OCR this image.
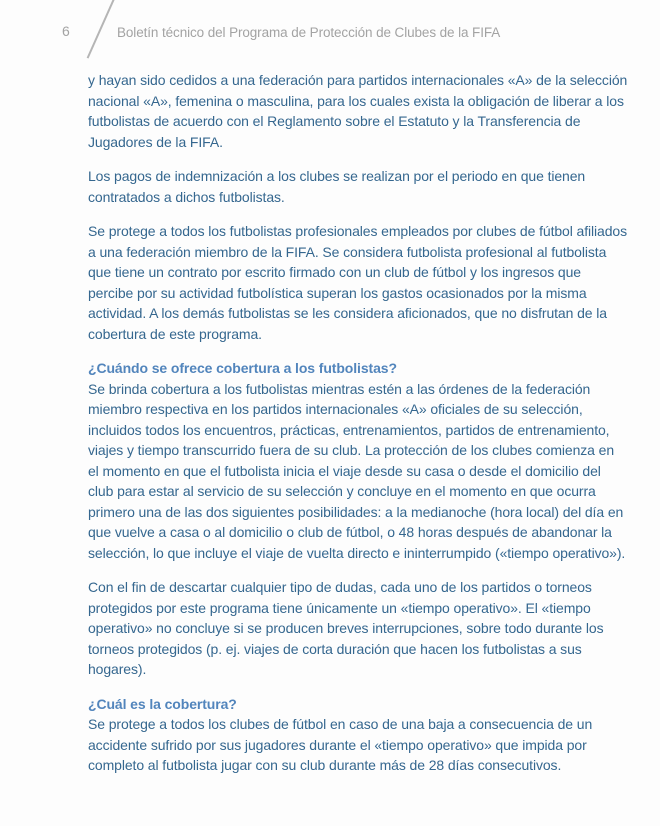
6	Boletín técnico del Programa de Protección de Clubes de la FIFA

y hayan sido cedidos a una federación para partidos internacionales «A» de la selección nacional «A», femenina o masculina, para los cuales exista la obligación de liberar a los futbolistas de acuerdo con el Reglamento sobre el Estatuto y la Transferencia de Jugadores de la FIFA.

Los pagos de indemnización a los clubes se realizan por el periodo en que tienen contratados a dichos futbolistas.

Se protege a todos los futbolistas profesionales empleados por clubes de fútbol afiliados a una federación miembro de la FIFA. Se considera futbolista profesional al futbolista que tiene un contrato por escrito firmado con un club de fútbol y los ingresos que percibe por su actividad futbolística superan los gastos ocasionados por la misma actividad. A los demás futbolistas se les considera aficionados, que no disfrutan de la cobertura de este programa.

¿Cuándo se ofrece cobertura a los futbolistas?

Se brinda cobertura a los futbolistas mientras estén a las órdenes de la federación miembro respectiva en los partidos internacionales «A» oficiales de su selección, incluidos todos los encuentros, prácticas, entrenamientos, partidos de entrenamiento, viajes y tiempo transcurrido fuera de su club. La protección de los clubes comienza en el momento en que el futbolista inicia el viaje desde su casa o desde el domicilio del club para estar al servicio de su selección y concluye en el momento en que ocurra primero una de las dos siguientes posibilidades: a la medianoche (hora local) del día en que vuelve a casa o al domicilio o club de fútbol, o 48 horas después de abandonar la selección, lo que incluye el viaje de vuelta directo e ininterrumpido («tiempo operativo»).

Con el fin de descartar cualquier tipo de dudas, cada uno de los partidos o torneos protegidos por este programa tiene únicamente un «tiempo operativo». El «tiempo operativo» no concluye si se producen breves interrupciones, sobre todo durante los torneos protegidos (p. ej. viajes de corta duración que hacen los futbolistas a sus hogares).

¿Cuál es la cobertura?

Se protege a todos los clubes de fútbol en caso de una baja a consecuencia de un accidente sufrido por sus jugadores durante el «tiempo operativo» que impida por completo al futbolista jugar con su club durante más de 28 días consecutivos.
